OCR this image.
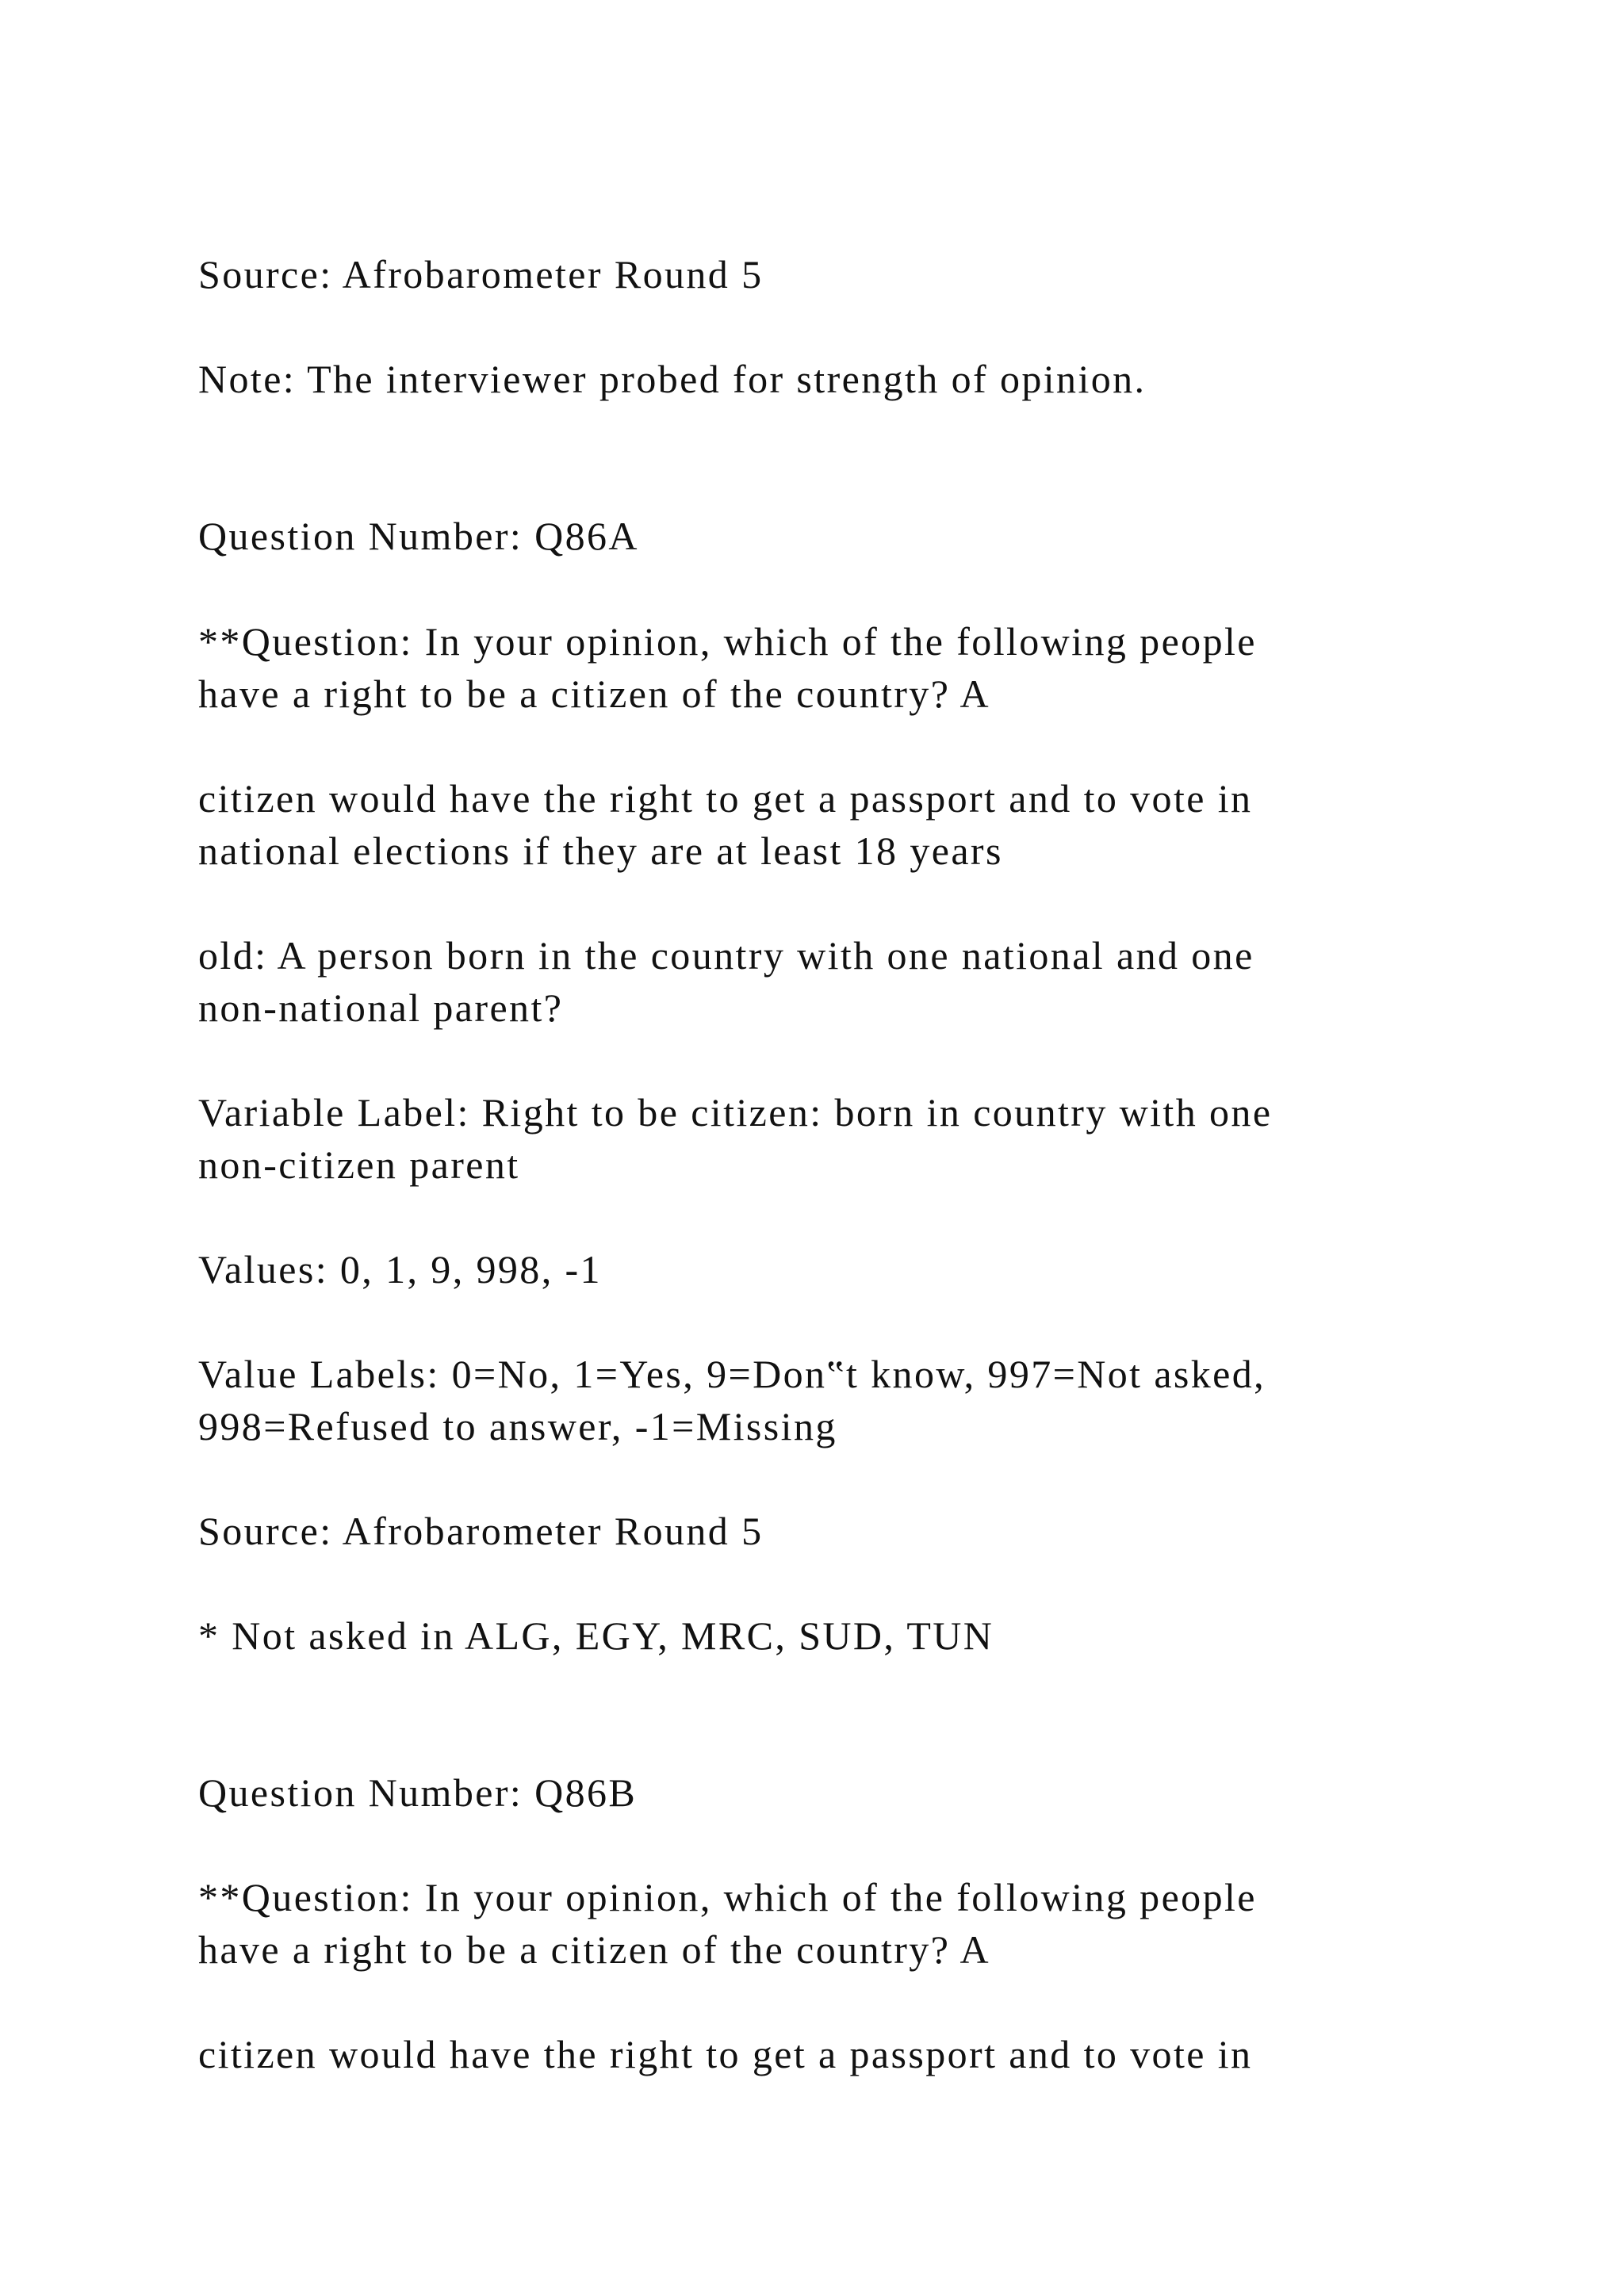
Source: Afrobarometer Round 5

Note: The interviewer probed for strength of opinion.

Question Number: Q86A

**Question: In your opinion, which of the following people

have a right to be a citizen of the country? A

citizen would have the right to get a passport and to vote in

national elections if they are at least 18 years

old: A person born in the country with one national and one

non-national parent?

Variable Label: Right to be citizen: born in country with one

non-citizen parent

Values: 0, 1, 9, 998, -1

Value Labels: 0=No, 1=Yes, 9=Don‟t know, 997=Not asked,

998=Refused to answer, -1=Missing

Source: Afrobarometer Round 5

* Not asked in ALG, EGY, MRC, SUD, TUN

Question Number: Q86B

**Question: In your opinion, which of the following people

have a right to be a citizen of the country? A

citizen would have the right to get a passport and to vote in
